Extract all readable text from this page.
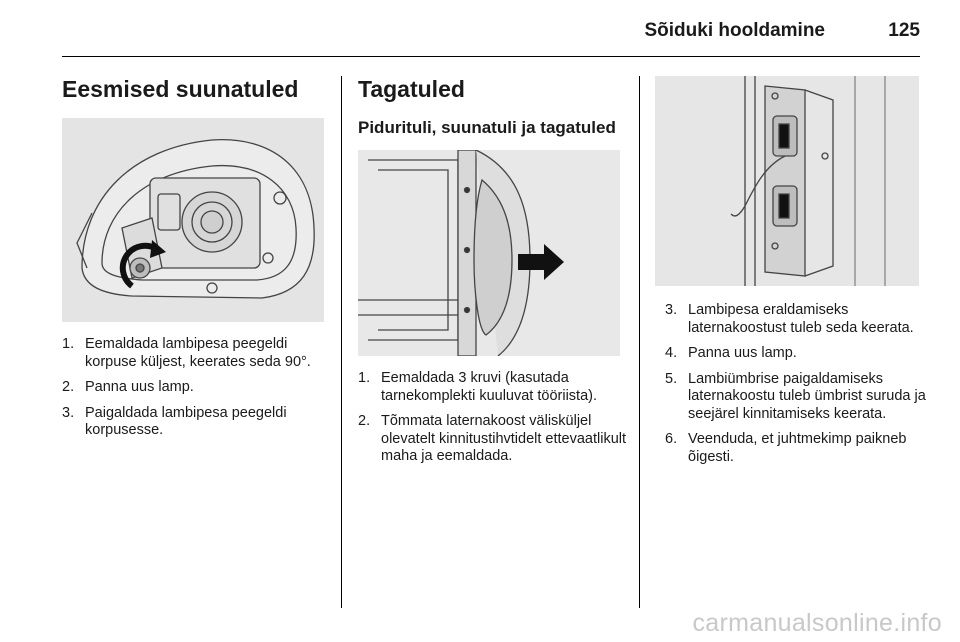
Sõiduki hooldamine	125
Eesmised suunatuled
1. Eemaldada lambipesa peegeldi korpuse küljest, keerates seda 90°.
2. Panna uus lamp.
3. Paigaldada lambipesa peegeldi korpusesse.
Tagatuled
Pidurituli, suunatuli ja tagatuled
1. Eemaldada 3 kruvi (kasutada tarnekomplekti kuuluvat tööriista).
2. Tõmmata laternakoost välisküljel olevatelt kinnitustihvtidelt ettevaatlikult maha ja eemaldada.
3. Lambipesa eraldamiseks laternakoostust tuleb seda keerata.
4. Panna uus lamp.
5. Lambiümbrise paigaldamiseks laternakoostu tuleb ümbrist suruda ja seejärel kinnitamiseks keerata.
6. Veenduda, et juhtmekimp paikneb õigesti.
carmanualsonline.info
